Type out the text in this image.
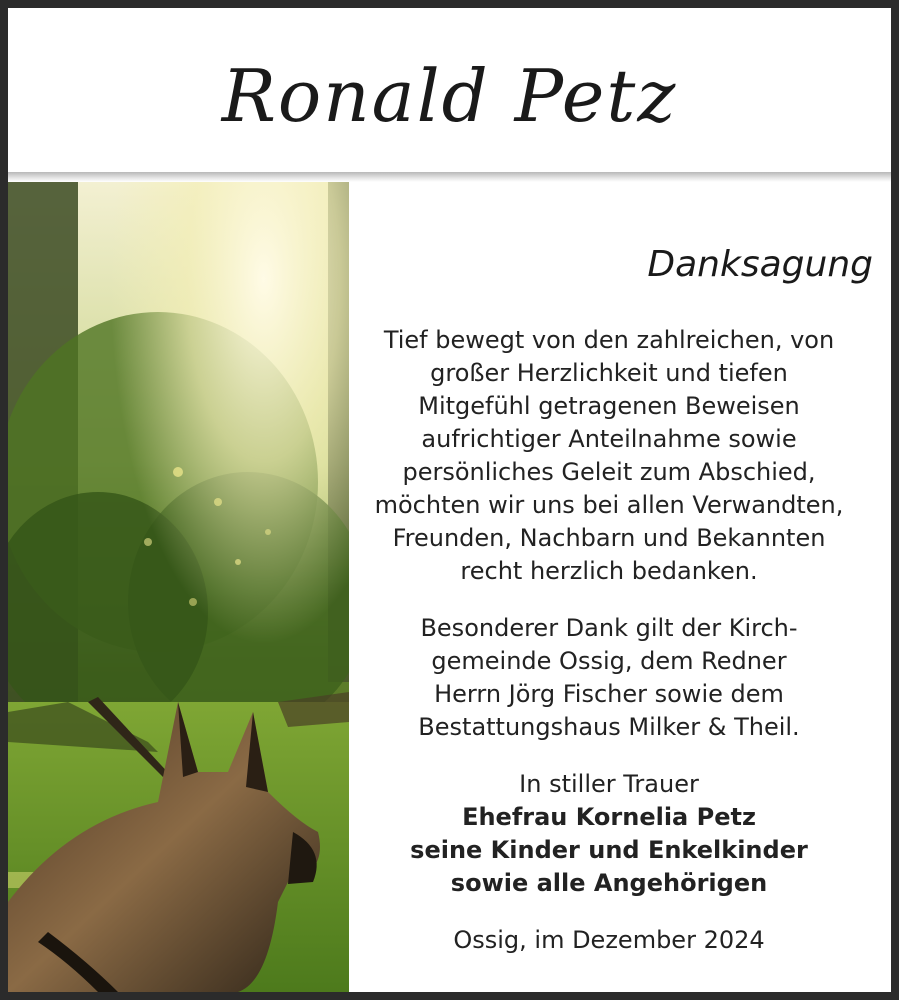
Ronald Petz
Danksagung
Tief bewegt von den zahlreichen, von
großer Herzlichkeit und tiefen
Mitgefühl getragenen Beweisen
aufrichtiger Anteilnahme sowie
persönliches Geleit zum Abschied,
möchten wir uns bei allen Verwandten,
Freunden, Nachbarn und Bekannten
recht herzlich bedanken.
Besonderer Dank gilt der Kirch-
gemeinde Ossig, dem Redner
Herrn Jörg Fischer sowie dem
Bestattungshaus Milker & Theil.
In stiller Trauer
Ehefrau Kornelia Petz
seine Kinder und Enkelkinder
sowie alle Angehörigen
Ossig, im Dezember 2024
